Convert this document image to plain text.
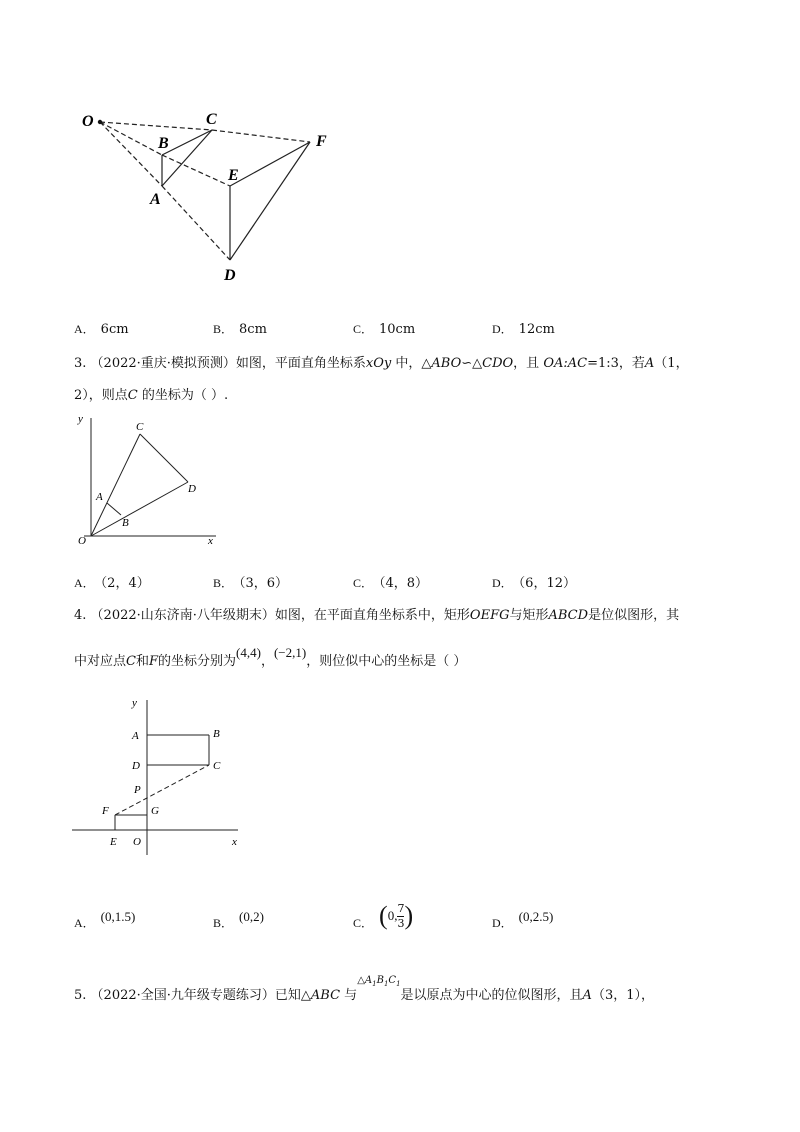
O	C
F
B
E
A
D
A． 6cm	B． 8cm	C． 10cm	D． 12cm
3. （2022·重庆·模拟预测）如图，平面直角坐标系xOy 中，△ABO∽△CDO，且 OA:AC=1:3，若A（1，
2），则点C 的坐标为（ ）.
y
x
O
A
B
C
D
A． （2，4）	B． （3，6）	C． （4，8）	D． （6，12）
4. （2022·山东济南·八年级期末）如图，在平面直角坐标系中，矩形OEFG与矩形ABCD是位似图形，其
中对应点C和F的坐标分别为(4,4)，(−2,1)，则位似中心的坐标是（ ）
y
x
A	B
D	C
P
F	G
E O
A． (0,1.5)	B． (0,2)	C． (0, $\frac{7}{3}$ )	D． (0,2.5)
5. （2022·全国·九年级专题练习）已知△ABC 与$^{\triangle A_1B_1C_1}$是以原点为中心的位似图形，且A（3，1），
